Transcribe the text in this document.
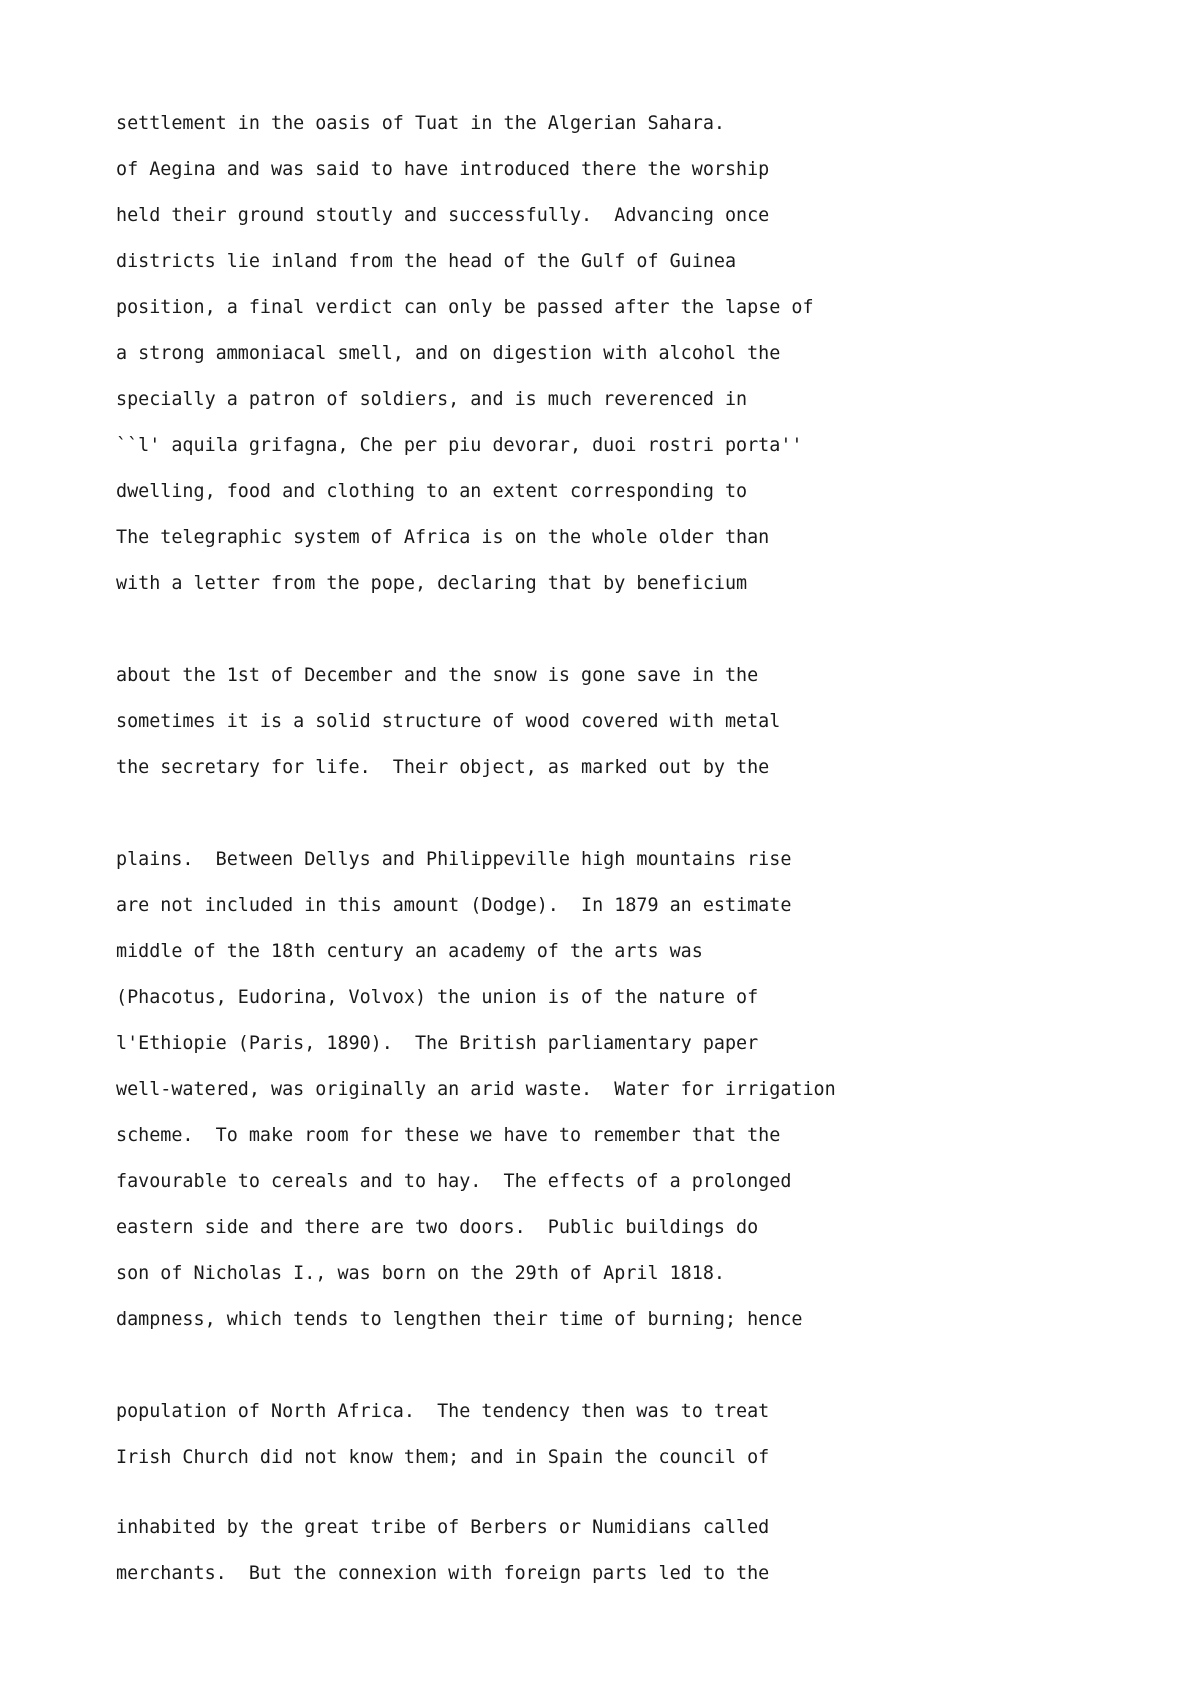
settlement in the oasis of Tuat in the Algerian Sahara.

of Aegina and was said to have introduced there the worship

held their ground stoutly and successfully.  Advancing once

districts lie inland from the head of the Gulf of Guinea

position, a final verdict can only be passed after the lapse of

a strong ammoniacal smell, and on digestion with alcohol the

specially a patron of soldiers, and is much reverenced in

``l' aquila grifagna, Che per piu devorar, duoi rostri porta''

dwelling, food and clothing to an extent corresponding to

The telegraphic system of Africa is on the whole older than

with a letter from the pope, declaring that by beneficium

about the 1st of December and the snow is gone save in the

sometimes it is a solid structure of wood covered with metal

the secretary for life.  Their object, as marked out by the

plains.  Between Dellys and Philippeville high mountains rise

are not included in this amount (Dodge).  In 1879 an estimate

middle of the 18th century an academy of the arts was

(Phacotus, Eudorina, Volvox) the union is of the nature of

l'Ethiopie (Paris, 1890).  The British parliamentary paper

well-watered, was originally an arid waste.  Water for irrigation

scheme.  To make room for these we have to remember that the

favourable to cereals and to hay.  The effects of a prolonged

eastern side and there are two doors.  Public buildings do

son of Nicholas I., was born on the 29th of April 1818.

dampness, which tends to lengthen their time of burning; hence

population of North Africa.  The tendency then was to treat

Irish Church did not know them; and in Spain the council of

inhabited by the great tribe of Berbers or Numidians called

merchants.  But the connexion with foreign parts led to the
